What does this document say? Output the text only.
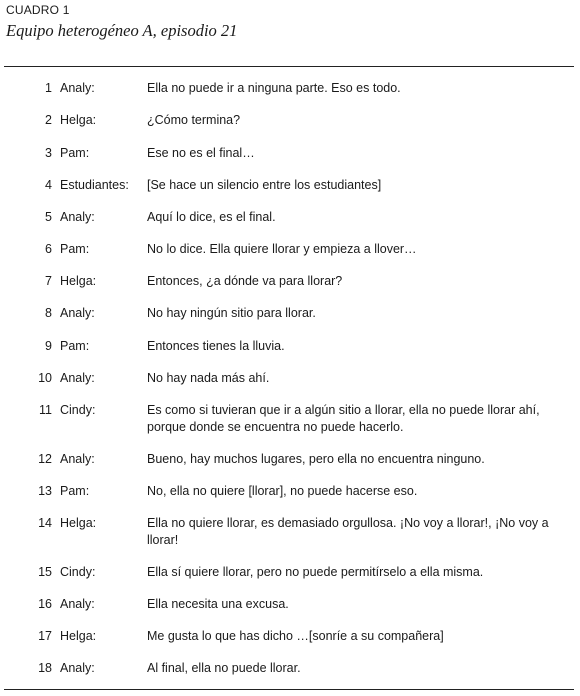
CUADRO 1
Equipo heterogéneo A, episodio 21
1 Analy:	Ella no puede ir a ninguna parte. Eso es todo.
2 Helga:	¿Cómo termina?
3 Pam:	Ese no es el final…
4 Estudiantes: [Se hace un silencio entre los estudiantes]
5 Analy:	Aquí lo dice, es el final.
6 Pam:	No lo dice. Ella quiere llorar y empieza a llover…
7 Helga:	Entonces, ¿a dónde va para llorar?
8 Analy:	No hay ningún sitio para llorar.
9 Pam:	Entonces tienes la lluvia.
10 Analy:	No hay nada más ahí.
11 Cindy:	Es como si tuvieran que ir a algún sitio a llorar, ella no puede llorar ahí, porque donde se encuentra no puede hacerlo.
12 Analy:	Bueno, hay muchos lugares, pero ella no encuentra ninguno.
13 Pam:	No, ella no quiere [llorar], no puede hacerse eso.
14 Helga:	Ella no quiere llorar, es demasiado orgullosa. ¡No voy a llorar!, ¡No voy a llorar!
15 Cindy:	Ella sí quiere llorar, pero no puede permitírselo a ella misma.
16 Analy:	Ella necesita una excusa.
17 Helga:	Me gusta lo que has dicho …[sonríe a su compañera]
18 Analy:	Al final, ella no puede llorar.
